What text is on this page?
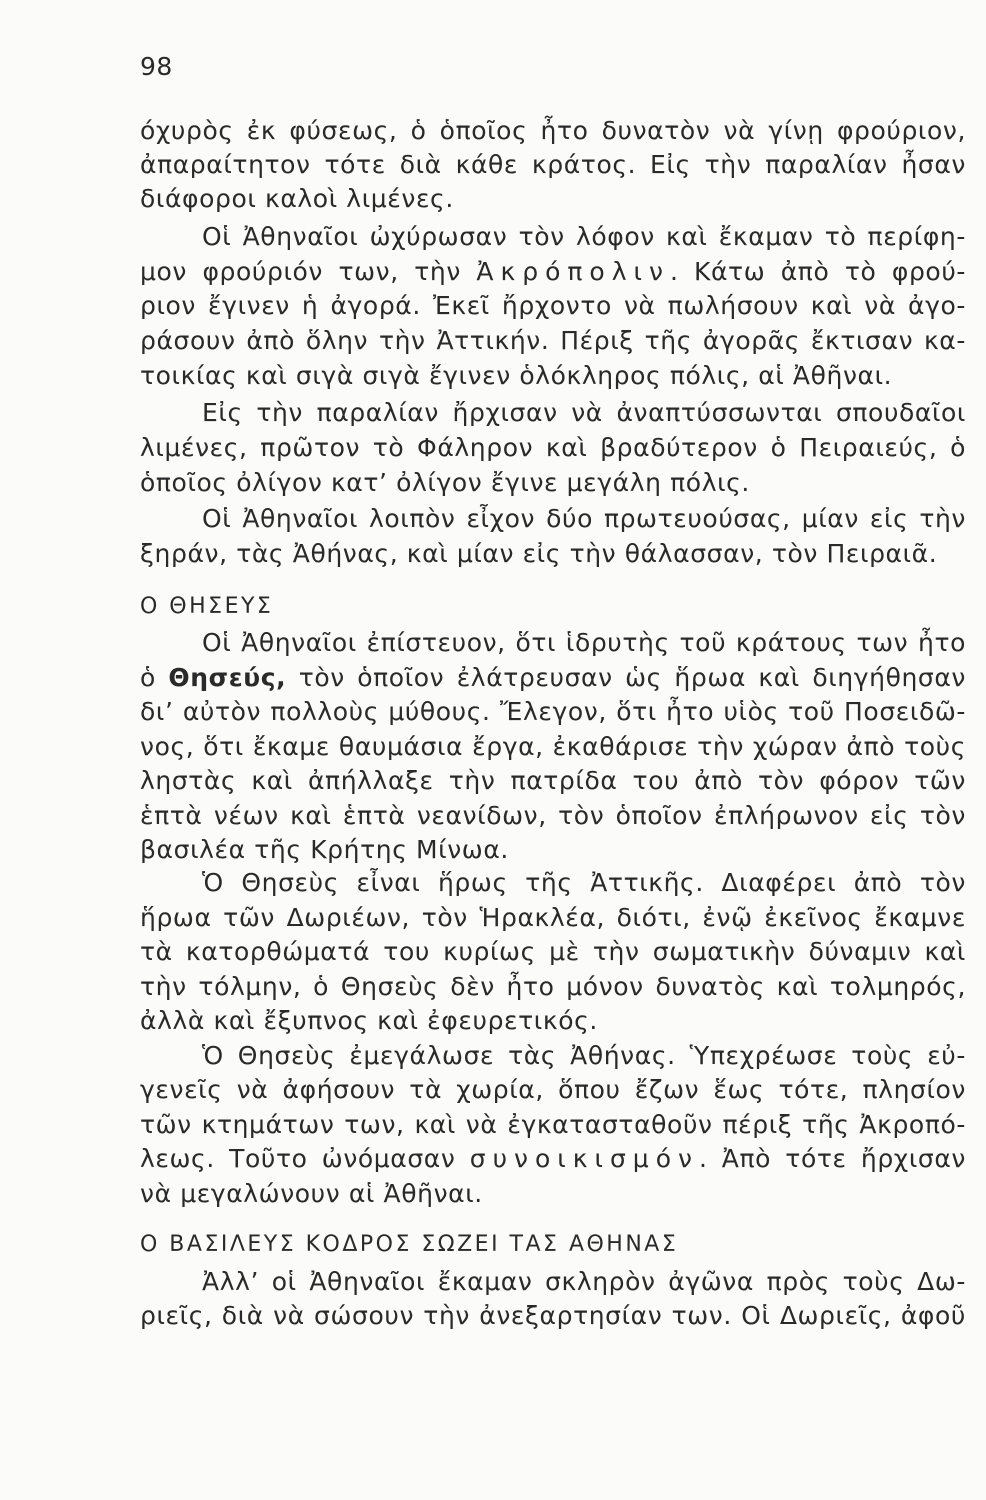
98
όχυρὸς ἐκ φύσεως, ὁ ὁποῖος ἦτο δυνατὸν νὰ γίνῃ φρούριον,
ἀπαραίτητον τότε διὰ κάθε κράτος. Εἰς τὴν παραλίαν ἦσαν
διάφοροι καλοὶ λιμένες.
Οἱ Ἀθηναῖοι ὠχύρωσαν τὸν λόφον καὶ ἔκαμαν τὸ περίφη-
μον φρούριόν των, τὴν Ἀκρόπολιν. Κάτω ἀπὸ τὸ φρού-
ριον ἔγινεν ἡ ἀγορά. Ἐκεῖ ἤρχοντο νὰ πωλήσουν καὶ νὰ ἀγο-
ράσουν ἀπὸ ὅλην τὴν Ἀττικήν. Πέριξ τῆς ἀγορᾶς ἔκτισαν κα-
τοικίας καὶ σιγὰ σιγὰ ἔγινεν ὁλόκληρος πόλις, αἱ Ἀθῆναι.
Εἰς τὴν παραλίαν ἤρχισαν νὰ ἀναπτύσσωνται σπουδαῖοι
λιμένες, πρῶτον τὸ Φάληρον καὶ βραδύτερον ὁ Πειραιεύς, ὁ
ὁποῖος ὀλίγον κατ’ ὀλίγον ἔγινε μεγάλη πόλις.
Οἱ Ἀθηναῖοι λοιπὸν εἶχον δύο πρωτευούσας, μίαν εἰς τὴν
ξηράν, τὰς Ἀθήνας, καὶ μίαν εἰς τὴν θάλασσαν, τὸν Πειραιᾶ.
Ο ΘΗΣΕΥΣ
Οἱ Ἀθηναῖοι ἐπίστευον, ὅτι ἱδρυτὴς τοῦ κράτους των ἦτο
ὁ Θησεύς, τὸν ὁποῖον ἐλάτρευσαν ὡς ἥρωα καὶ διηγήθησαν
δι’ αὐτὸν πολλοὺς μύθους. Ἔλεγον, ὅτι ἦτο υἱὸς τοῦ Ποσειδῶ-
νος, ὅτι ἔκαμε θαυμάσια ἔργα, ἐκαθάρισε τὴν χώραν ἀπὸ τοὺς
ληστὰς καὶ ἀπήλλαξε τὴν πατρίδα του ἀπὸ τὸν φόρον τῶν
ἑπτὰ νέων καὶ ἑπτὰ νεανίδων, τὸν ὁποῖον ἐπλήρωνον εἰς τὸν
βασιλέα τῆς Κρήτης Μίνωα.
Ὁ Θησεὺς εἶναι ἥρως τῆς Ἀττικῆς. Διαφέρει ἀπὸ τὸν
ἥρωα τῶν Δωριέων, τὸν Ἡρακλέα, διότι, ἐνῷ ἐκεῖνος ἔκαμνε
τὰ κατορθώματά του κυρίως μὲ τὴν σωματικὴν δύναμιν καὶ
τὴν τόλμην, ὁ Θησεὺς δὲν ἦτο μόνον δυνατὸς καὶ τολμηρός,
ἀλλὰ καὶ ἔξυπνος καὶ ἐφευρετικός.
Ὁ Θησεὺς ἐμεγάλωσε τὰς Ἀθήνας. Ὑπεχρέωσε τοὺς εὐ-
γενεῖς νὰ ἀφήσουν τὰ χωρία, ὅπου ἔζων ἕως τότε, πλησίον
τῶν κτημάτων των, καὶ νὰ ἐγκατασταθοῦν πέριξ τῆς Ἀκροπό-
λεως. Τοῦτο ὠνόμασαν συνοικισμόν. Ἀπὸ τότε ἤρχισαν
νὰ μεγαλώνουν αἱ Ἀθῆναι.
Ο ΒΑΣΙΛΕΥΣ ΚΟΔΡΟΣ ΣΩΖΕΙ ΤΑΣ ΑΘΗΝΑΣ
Ἀλλ’ οἱ Ἀθηναῖοι ἔκαμαν σκληρὸν ἀγῶνα πρὸς τοὺς Δω-
ριεῖς, διὰ νὰ σώσουν τὴν ἀνεξαρτησίαν των. Οἱ Δωριεῖς, ἀφοῦ
